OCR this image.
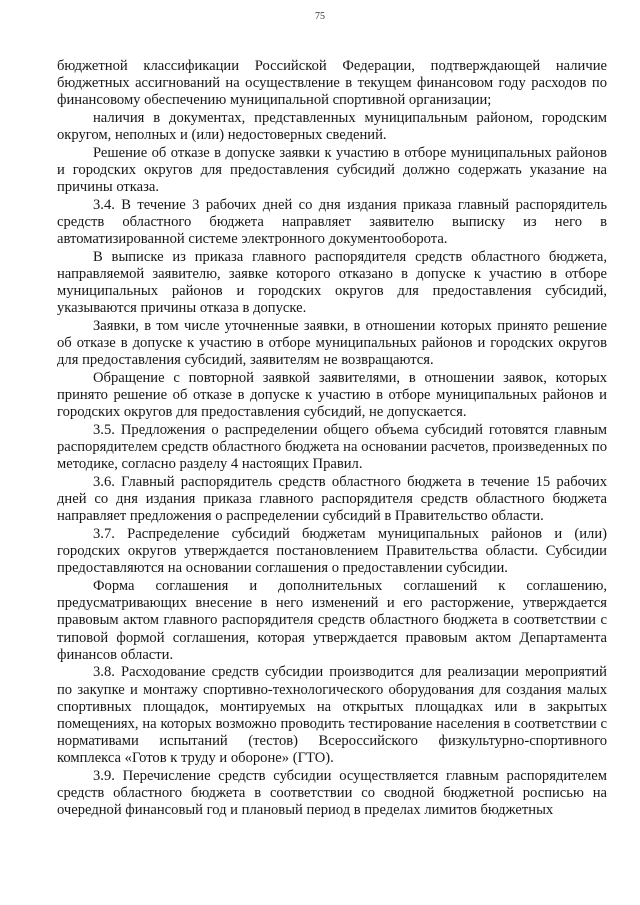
75

бюджетной классификации Российской Федерации, подтверждающей наличие бюджетных ассигнований на осуществление в текущем финансовом году расходов по финансовому обеспечению муниципальной спортивной организации;

наличия в документах, представленных муниципальным районом, городским округом, неполных и (или) недостоверных сведений.

Решение об отказе в допуске заявки к участию в отборе муниципальных районов и городских округов для предоставления субсидий должно содержать указание на причины отказа.

3.4. В течение 3 рабочих дней со дня издания приказа главный распорядитель средств областного бюджета направляет заявителю выписку из него в автоматизированной системе электронного документооборота.

В выписке из приказа главного распорядителя средств областного бюджета, направляемой заявителю, заявке которого отказано в допуске к участию в отборе муниципальных районов и городских округов для предоставления субсидий, указываются причины отказа в допуске.

Заявки, в том числе уточненные заявки, в отношении которых принято решение об отказе в допуске к участию в отборе муниципальных районов и городских округов для предоставления субсидий, заявителям не возвращаются.

Обращение с повторной заявкой заявителями, в отношении заявок, которых принято решение об отказе в допуске к участию в отборе муниципальных районов и городских округов для предоставления субсидий, не допускается.

3.5. Предложения о распределении общего объема субсидий готовятся главным распорядителем средств областного бюджета на основании расчетов, произведенных по методике, согласно разделу 4 настоящих Правил.

3.6. Главный распорядитель средств областного бюджета в течение 15 рабочих дней со дня издания приказа главного распорядителя средств областного бюджета направляет предложения о распределении субсидий в Правительство области.

3.7. Распределение субсидий бюджетам муниципальных районов и (или) городских округов утверждается постановлением Правительства области. Субсидии предоставляются на основании соглашения о предоставлении субсидии.

Форма соглашения и дополнительных соглашений к соглашению, предусматривающих внесение в него изменений и его расторжение, утверждается правовым актом главного распорядителя средств областного бюджета в соответствии с типовой формой соглашения, которая утверждается правовым актом Департамента финансов области.

3.8. Расходование средств субсидии производится для реализации мероприятий по закупке и монтажу спортивно-технологического оборудования для создания малых спортивных площадок, монтируемых на открытых площадках или в закрытых помещениях, на которых возможно проводить тестирование населения в соответствии с нормативами испытаний (тестов) Всероссийского физкультурно-спортивного комплекса «Готов к труду и обороне» (ГТО).

3.9. Перечисление средств субсидии осуществляется главным распорядителем средств областного бюджета в соответствии со сводной бюджетной росписью на очередной финансовый год и плановый период в пределах лимитов бюджетных
